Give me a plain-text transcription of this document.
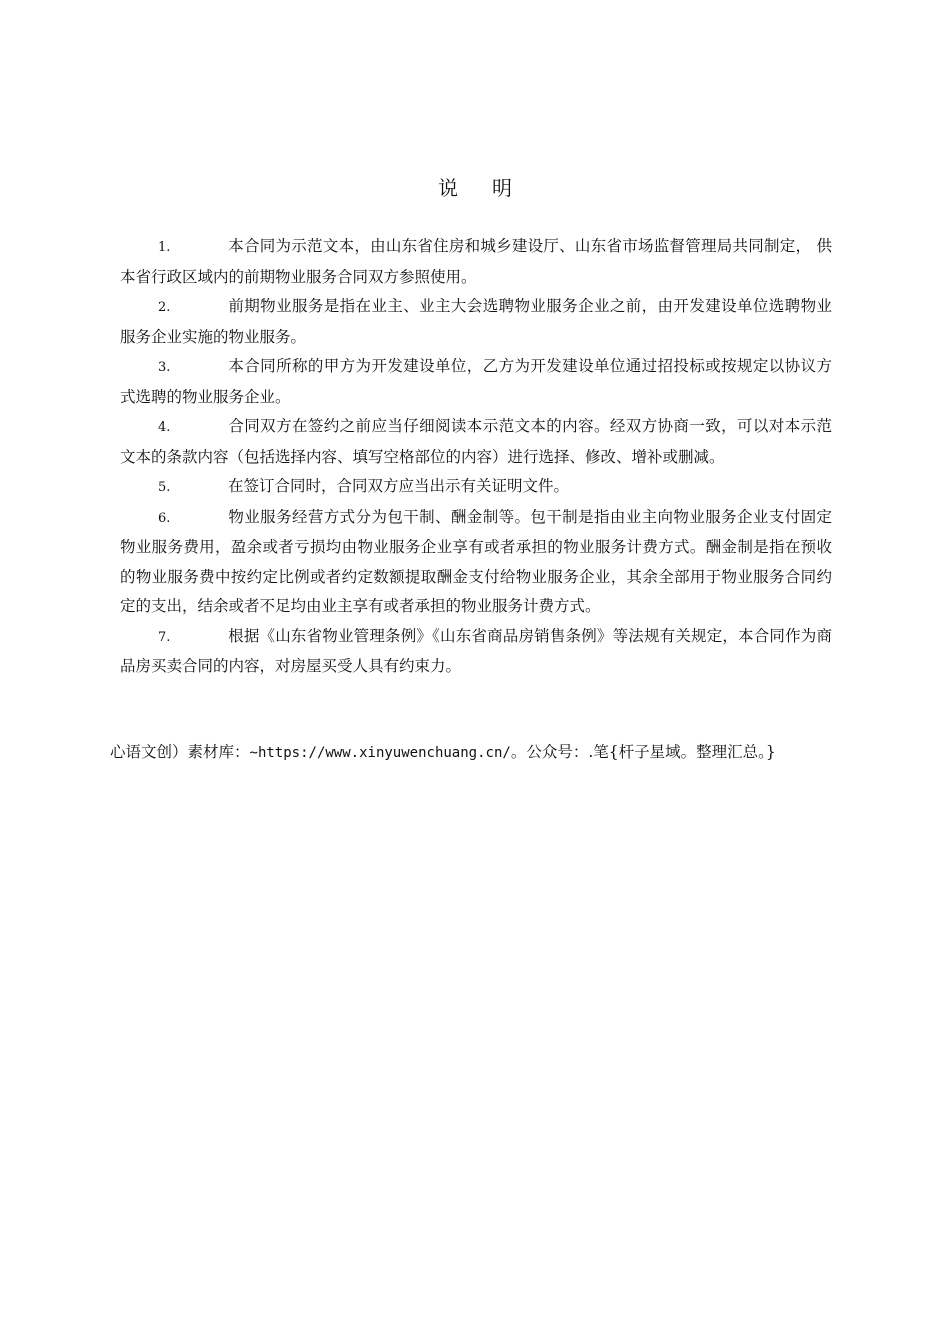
说明

1.	本合同为示范文本，由山东省住房和城乡建设厅、山东省市场监督管理局共同制定， 供本省行政区域内的前期物业服务合同双方参照使用。

2.	前期物业服务是指在业主、业主大会选聘物业服务企业之前，由开发建设单位选聘物业服务企业实施的物业服务。

3.	本合同所称的甲方为开发建设单位，乙方为开发建设单位通过招投标或按规定以协议方式选聘的物业服务企业。

4.	合同双方在签约之前应当仔细阅读本示范文本的内容。经双方协商一致，可以对本示范文本的条款内容（包括选择内容、填写空格部位的内容）进行选择、修改、增补或删减。

5.	在签订合同时，合同双方应当出示有关证明文件。

6.	物业服务经营方式分为包干制、酬金制等。包干制是指由业主向物业服务企业支付固定物业服务费用，盈余或者亏损均由物业服务企业享有或者承担的物业服务计费方式。酬金制是指在预收的物业服务费中按约定比例或者约定数额提取酬金支付给物业服务企业，其余全部用于物业服务合同约定的支出，结余或者不足均由业主享有或者承担的物业服务计费方式。

7.	根据《山东省物业管理条例》《山东省商品房销售条例》等法规有关规定，本合同作为商品房买卖合同的内容，对房屋买受人具有约束力。

心语文创）素材库：~https://www.xinyuwenchuang.cn/。公众号：.笔{杆子星域。整理汇总。}
